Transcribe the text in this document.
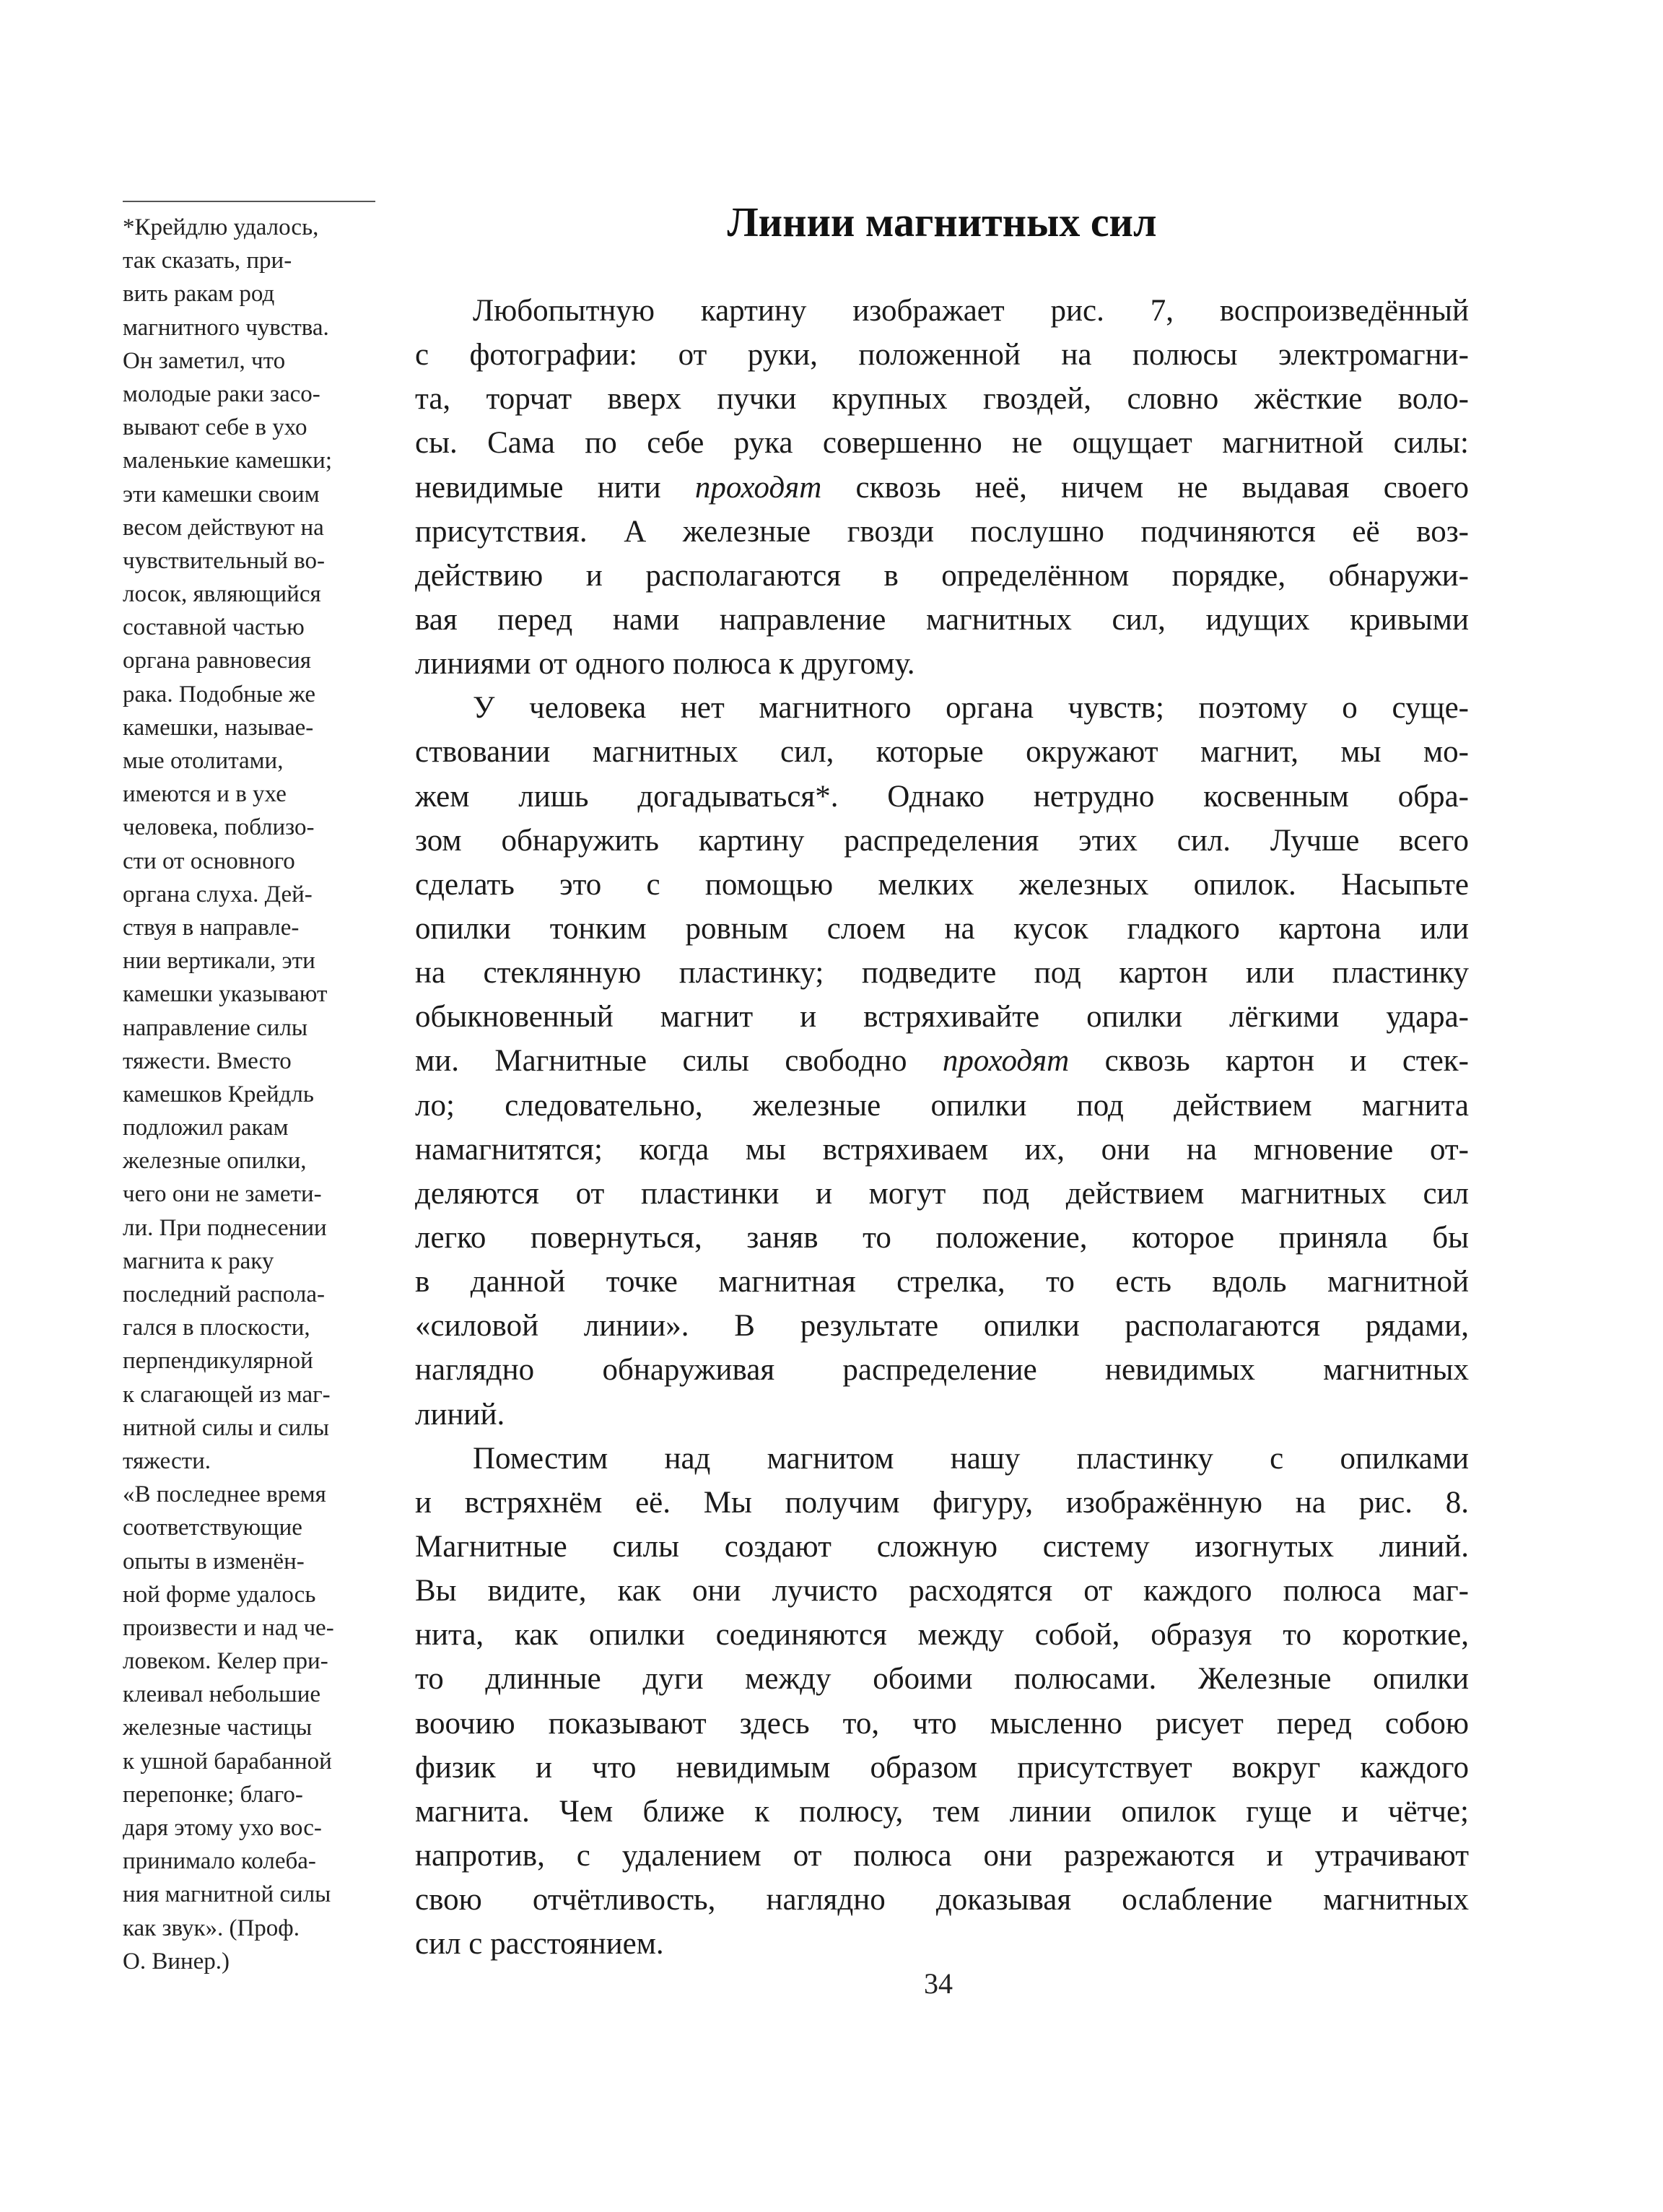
*Крейдлю удалось,
так сказать, при-
вить ракам род
магнитного чувства.
Он заметил, что
молодые раки засо-
вывают себе в ухо
маленькие камешки;
эти камешки своим
весом действуют на
чувствительный во-
лосок, являющийся
составной частью
органа равновесия
рака. Подобные же
камешки, называе-
мые отолитами,
имеются и в ухе
человека, поблизо-
сти от основного
органа слуха. Дей-
ствуя в направле-
нии вертикали, эти
камешки указывают
направление силы
тяжести. Вместо
камешков Крейдль
подложил ракам
железные опилки,
чего они не замети-
ли. При поднесении
магнита к раку
последний распола-
гался в плоскости,
перпендикулярной
к слагающей из маг-
нитной силы и силы
тяжести.
«В последнее время
соответствующие
опыты в изменён-
ной форме удалось
произвести и над че-
ловеком. Келер при-
клеивал небольшие
железные частицы
к ушной барабанной
перепонке; благо-
даря этому ухо вос-
принимало колеба-
ния магнитной силы
как звук». (Проф.
О. Винер.)
Линии магнитных сил
Любопытную картину изображает рис. 7, воспроизведённый
с фотографии: от руки, положенной на полюсы электромагни-
та, торчат вверх пучки крупных гвоздей, словно жёсткие воло-
сы. Сама по себе рука совершенно не ощущает магнитной силы:
невидимые нити проходят сквозь неё, ничем не выдавая своего
присутствия. А железные гвозди послушно подчиняются её воз-
действию и располагаются в определённом порядке, обнаружи-
вая перед нами направление магнитных сил, идущих кривыми
линиями от одного полюса к другому.
У человека нет магнитного органа чувств; поэтому о суще-
ствовании магнитных сил, которые окружают магнит, мы мо-
жем лишь догадываться*. Однако нетрудно косвенным обра-
зом обнаружить картину распределения этих сил. Лучше всего
сделать это с помощью мелких железных опилок. Насыпьте
опилки тонким ровным слоем на кусок гладкого картона или
на стеклянную пластинку; подведите под картон или пластинку
обыкновенный магнит и встряхивайте опилки лёгкими удара-
ми. Магнитные силы свободно проходят сквозь картон и стек-
ло; следовательно, железные опилки под действием магнита
намагнитятся; когда мы встряхиваем их, они на мгновение от-
деляются от пластинки и могут под действием магнитных сил
легко повернуться, заняв то положение, которое приняла бы
в данной точке магнитная стрелка, то есть вдоль магнитной
«силовой линии». В результате опилки располагаются рядами,
наглядно обнаруживая распределение невидимых магнитных
линий.
Поместим над магнитом нашу пластинку с опилками
и встряхнём её. Мы получим фигуру, изображённую на рис. 8.
Магнитные силы создают сложную систему изогнутых линий.
Вы видите, как они лучисто расходятся от каждого полюса маг-
нита, как опилки соединяются между собой, образуя то короткие,
то длинные дуги между обоими полюсами. Железные опилки
воочию показывают здесь то, что мысленно рисует перед собою
физик и что невидимым образом присутствует вокруг каждого
магнита. Чем ближе к полюсу, тем линии опилок гуще и чётче;
напротив, с удалением от полюса они разрежаются и утрачивают
свою отчётливость, наглядно доказывая ослабление магнитных
сил с расстоянием.
34
